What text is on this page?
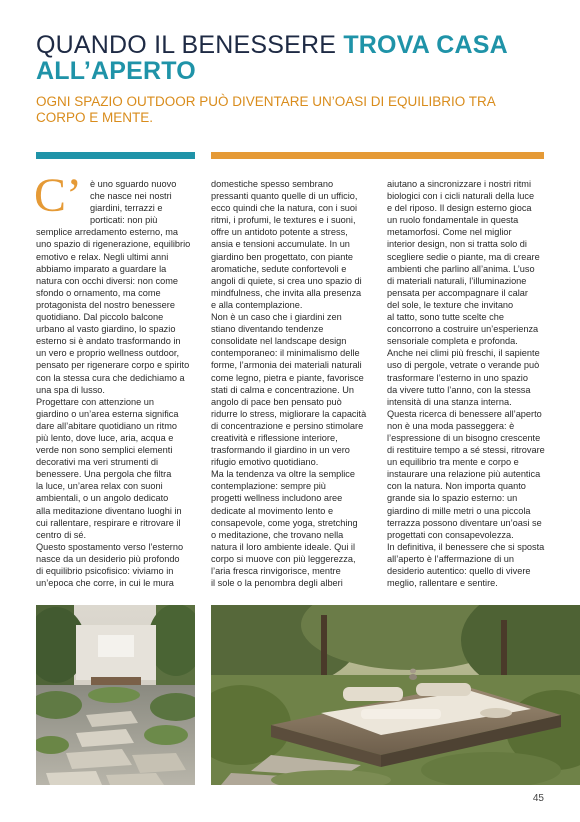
QUANDO IL BENESSERE TROVA CASA ALL’APERTO
OGNI SPAZIO OUTDOOR PUÒ DIVENTARE UN’OASI DI EQUILIBRIO TRA CORPO E MENTE.
C’ è uno sguardo nuovo
che nasce nei nostri
giardini, terrazzi e
porticati: non più
semplice arredamento esterno, ma
uno spazio di rigenerazione, equilibrio
emotivo e relax. Negli ultimi anni
abbiamo imparato a guardare la
natura con occhi diversi: non come
sfondo o ornamento, ma come
protagonista del nostro benessere
quotidiano. Dal piccolo balcone
urbano al vasto giardino, lo spazio
esterno si è andato trasformando in
un vero e proprio wellness outdoor,
pensato per rigenerare corpo e spirito
con la stessa cura che dedichiamo a
una spa di lusso.
Progettare con attenzione un
giardino o un’area esterna significa
dare all’abitare quotidiano un ritmo
più lento, dove luce, aria, acqua e
verde non sono semplici elementi
decorativi ma veri strumenti di
benessere. Una pergola che filtra
la luce, un’area relax con suoni
ambientali, o un angolo dedicato
alla meditazione diventano luoghi in
cui rallentare, respirare e ritrovare il
centro di sé.
Questo spostamento verso l’esterno
nasce da un desiderio più profondo
di equilibrio psicofisico: viviamo in
un’epoca che corre, in cui le mura

domestiche spesso sembrano
pressanti quanto quelle di un ufficio,
ecco quindi che la natura, con i suoi
ritmi, i profumi, le textures e i suoni,
offre un antidoto potente a stress,
ansia e tensioni accumulate. In un
giardino ben progettato, con piante
aromatiche, sedute confortevoli e
angoli di quiete, si crea uno spazio di
mindfulness, che invita alla presenza
e alla contemplazione.
Non è un caso che i giardini zen
stiano diventando tendenze
consolidate nel landscape design
contemporaneo: il minimalismo delle
forme, l’armonia dei materiali naturali
come legno, pietra e piante, favorisce
stati di calma e concentrazione. Un
angolo di pace ben pensato può
ridurre lo stress, migliorare la capacità
di concentrazione e persino stimolare
creatività e riflessione interiore,
trasformando il giardino in un vero
rifugio emotivo quotidiano.
Ma la tendenza va oltre la semplice
contemplazione: sempre più
progetti wellness includono aree
dedicate al movimento lento e
consapevole, come yoga, stretching
o meditazione, che trovano nella
natura il loro ambiente ideale. Qui il
corpo si muove con più leggerezza,
l’aria fresca rinvigorisce, mentre
il sole o la penombra degli alberi

aiutano a sincronizzare i nostri ritmi
biologici con i cicli naturali della luce
e del riposo. Il design esterno gioca
un ruolo fondamentale in questa
metamorfosi. Come nel miglior
interior design, non si tratta solo di
scegliere sedie o piante, ma di creare
ambienti che parlino all’anima. L’uso
di materiali naturali, l’illuminazione
pensata per accompagnare il calar
del sole, le texture che invitano
al tatto, sono tutte scelte che
concorrono a costruire un’esperienza
sensoriale completa e profonda.
Anche nei climi più freschi, il sapiente
uso di pergole, vetrate o verande può
trasformare l’esterno in uno spazio
da vivere tutto l’anno, con la stessa
intensità di una stanza interna.
Questa ricerca di benessere all’aperto
non è una moda passeggera: è
l’espressione di un bisogno crescente
di restituire tempo a sé stessi, ritrovare
un equilibrio tra mente e corpo e
instaurare una relazione più autentica
con la natura. Non importa quanto
grande sia lo spazio esterno: un
giardino di mille metri o una piccola
terrazza possono diventare un’oasi se
progettati con consapevolezza.
In definitiva, il benessere che si sposta
all’aperto è l’affermazione di un
desiderio autentico: quello di vivere
meglio, rallentare e sentire.

45
